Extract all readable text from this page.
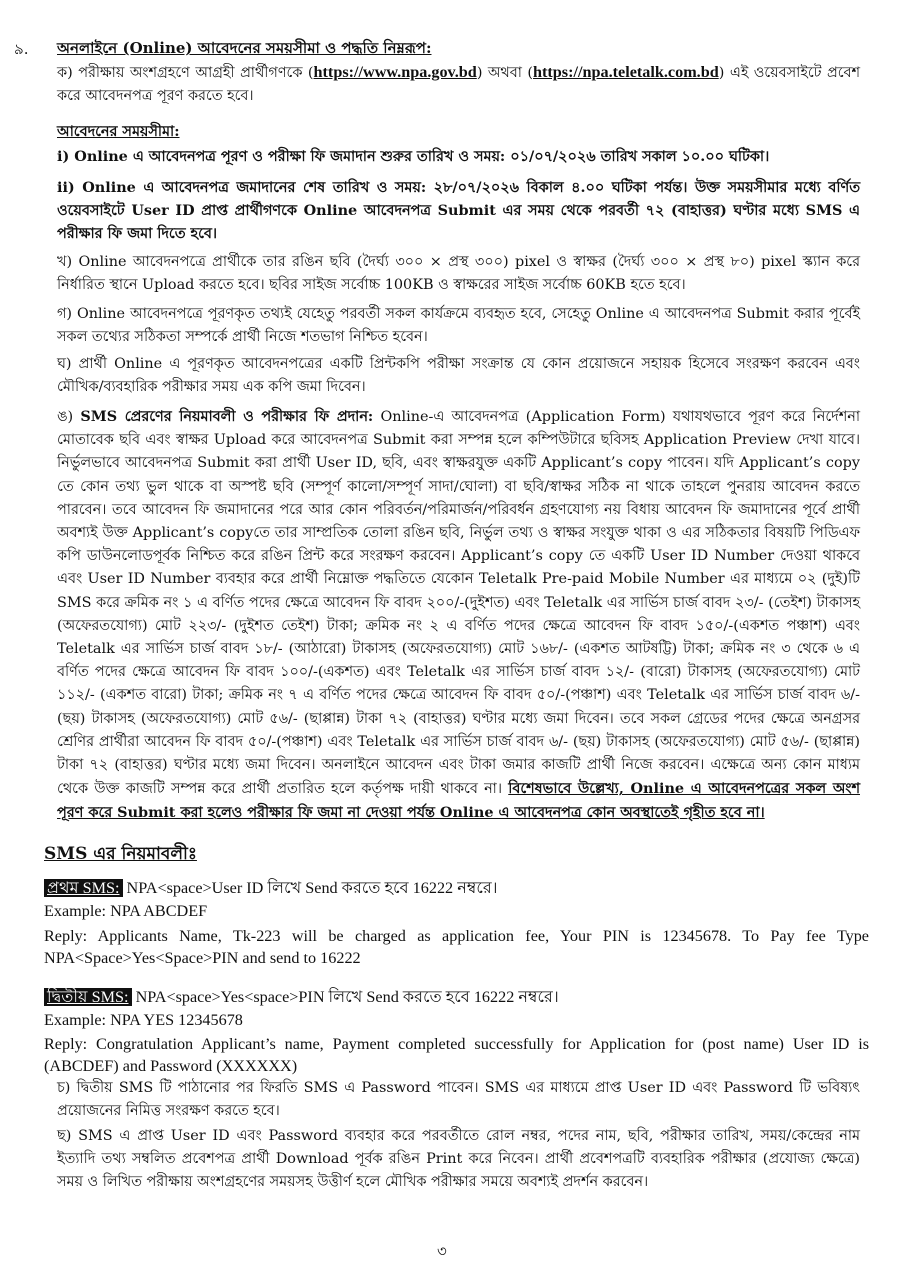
৯. অনলাইনে (Online) আবেদনের সময়সীমা ও পদ্ধতি নিম্নরূপ:
ক) পরীক্ষায় অংশগ্রহণে আগ্রহী প্রার্থীগণকে (https://www.npa.gov.bd) অথবা (https://npa.teletalk.com.bd) এই ওয়েবসাইটে প্রবেশ করে আবেদনপত্র পূরণ করতে হবে।
আবেদনের সময়সীমা:
i) Online এ আবেদনপত্র পূরণ ও পরীক্ষা ফি জমাদান শুরুর তারিখ ও সময়: ০১/০৭/২০২৬ তারিখ সকাল ১০.০০ ঘটিকা।
ii) Online এ আবেদনপত্র জমাদানের শেষ তারিখ ও সময়: ২৮/০৭/২০২৬ বিকাল ৪.০০ ঘটিকা পর্যন্ত। উক্ত সময়সীমার মধ্যে বর্ণিত ওয়েবসাইটে User ID প্রাপ্ত প্রার্থীগণকে Online আবেদনপত্র Submit এর সময় থেকে পরবর্তী ৭২ (বাহাত্তর) ঘণ্টার মধ্যে SMS এ পরীক্ষার ফি জমা দিতে হবে।
খ) Online আবেদনপত্রে প্রার্থীকে তার রঙিন ছবি (দৈর্ঘ্য ৩০০ × প্রস্থ ৩০০) pixel ও স্বাক্ষর (দৈর্ঘ্য ৩০০ × প্রস্থ ৮০) pixel স্ক্যান করে নির্ধারিত স্থানে Upload করতে হবে। ছবির সাইজ সর্বোচ্চ 100KB ও স্বাক্ষরের সাইজ সর্বোচ্চ 60KB হতে হবে।
গ) Online আবেদনপত্রে পূরণকৃত তথ্যই যেহেতু পরবর্তী সকল কার্যক্রমে ব্যবহৃত হবে, সেহেতু Online এ আবেদনপত্র Submit করার পূর্বেই সকল তথ্যের সঠিকতা সম্পর্কে প্রার্থী নিজে শতভাগ নিশ্চিত হবেন।
ঘ) প্রার্থী Online এ পূরণকৃত আবেদনপত্রের একটি প্রিন্টকপি পরীক্ষা সংক্রান্ত যে কোন প্রয়োজনে সহায়ক হিসেবে সংরক্ষণ করবেন এবং মৌখিক/ব্যবহারিক পরীক্ষার সময় এক কপি জমা দিবেন।
ঙ) SMS প্রেরণের নিয়মাবলী ও পরীক্ষার ফি প্রদান: Online-এ আবেদনপত্র (Application Form) যথাযথভাবে পূরণ করে নির্দেশনা মোতাবেক ছবি এবং স্বাক্ষর Upload করে আবেদনপত্র Submit করা সম্পন্ন হলে কম্পিউটারে ছবিসহ Application Preview দেখা যাবে। নির্ভুলভাবে আবেদনপত্র Submit করা প্রার্থী User ID, ছবি, এবং স্বাক্ষরযুক্ত একটি Applicant’s copy পাবেন। যদি Applicant’s copy তে কোন তথ্য ভুল থাকে বা অস্পষ্ট ছবি (সম্পূর্ণ কালো/সম্পূর্ণ সাদা/ঘোলা) বা ছবি/স্বাক্ষর সঠিক না থাকে তাহলে পুনরায় আবেদন করতে পারবেন। তবে আবেদন ফি জমাদানের পরে আর কোন পরিবর্তন/পরিমার্জন/পরিবর্ধন গ্রহণযোগ্য নয় বিধায় আবেদন ফি জমাদানের পূর্বে প্রার্থী অবশ্যই উক্ত Applicant’s copyতে তার সাম্প্রতিক তোলা রঙিন ছবি, নির্ভুল তথ্য ও স্বাক্ষর সংযুক্ত থাকা ও এর সঠিকতার বিষয়টি পিডিএফ কপি ডাউনলোডপূর্বক নিশ্চিত করে রঙিন প্রিন্ট করে সংরক্ষণ করবেন। Applicant’s copy তে একটি User ID Number দেওয়া থাকবে এবং User ID Number ব্যবহার করে প্রার্থী নিম্নোক্ত পদ্ধতিতে যেকোন Teletalk Pre-paid Mobile Number এর মাধ্যমে ০২ (দুই)টি SMS করে ক্রমিক নং ১ এ বর্ণিত পদের ক্ষেত্রে আবেদন ফি বাবদ ২০০/-(দুইশত) এবং Teletalk এর সার্ভিস চার্জ বাবদ ২৩/- (তেইশ) টাকাসহ (অফেরতযোগ্য) মোট ২২৩/- (দুইশত তেইশ) টাকা; ক্রমিক নং ২ এ বর্ণিত পদের ক্ষেত্রে আবেদন ফি বাবদ ১৫০/-(একশত পঞ্চাশ) এবং Teletalk এর সার্ভিস চার্জ বাবদ ১৮/- (আঠারো) টাকাসহ (অফেরতযোগ্য) মোট ১৬৮/- (একশত আটষট্টি) টাকা; ক্রমিক নং ৩ থেকে ৬ এ বর্ণিত পদের ক্ষেত্রে আবেদন ফি বাবদ ১০০/-(একশত) এবং Teletalk এর সার্ভিস চার্জ বাবদ ১২/- (বারো) টাকাসহ (অফেরতযোগ্য) মোট ১১২/- (একশত বারো) টাকা; ক্রমিক নং ৭ এ বর্ণিত পদের ক্ষেত্রে আবেদন ফি বাবদ ৫০/-(পঞ্চাশ) এবং Teletalk এর সার্ভিস চার্জ বাবদ ৬/- (ছয়) টাকাসহ (অফেরতযোগ্য) মোট ৫৬/- (ছাপ্পান্ন) টাকা ৭২ (বাহাত্তর) ঘণ্টার মধ্যে জমা দিবেন। তবে সকল গ্রেডের পদের ক্ষেত্রে অনগ্রসর শ্রেণির প্রার্থীরা আবেদন ফি বাবদ ৫০/-(পঞ্চাশ) এবং Teletalk এর সার্ভিস চার্জ বাবদ ৬/- (ছয়) টাকাসহ (অফেরতযোগ্য) মোট ৫৬/- (ছাপ্পান্ন) টাকা ৭২ (বাহাত্তর) ঘণ্টার মধ্যে জমা দিবেন। অনলাইনে আবেদন এবং টাকা জমার কাজটি প্রার্থী নিজে করবেন। এক্ষেত্রে অন্য কোন মাধ্যম থেকে উক্ত কাজটি সম্পন্ন করে প্রার্থী প্রতারিত হলে কর্তৃপক্ষ দায়ী থাকবে না। বিশেষভাবে উল্লেখ্য, Online এ আবেদনপত্রের সকল অংশ পূরণ করে Submit করা হলেও পরীক্ষার ফি জমা না দেওয়া পর্যন্ত Online এ আবেদনপত্র কোন অবস্থাতেই গৃহীত হবে না।
SMS এর নিয়মাবলীঃ
প্রথম SMS: NPA<space>User ID লিখে Send করতে হবে 16222 নম্বরে।
Example: NPA ABCDEF
Reply: Applicants Name, Tk-223 will be charged as application fee, Your PIN is 12345678. To Pay fee Type NPA<Space>Yes<Space>PIN and send to 16222
দ্বিতীয় SMS: NPA<space>Yes<space>PIN লিখে Send করতে হবে 16222 নম্বরে।
Example: NPA YES 12345678
Reply: Congratulation Applicant’s name, Payment completed successfully for Application for (post name) User ID is (ABCDEF) and Password (XXXXXX)
চ) দ্বিতীয় SMS টি পাঠানোর পর ফিরতি SMS এ Password পাবেন। SMS এর মাধ্যমে প্রাপ্ত User ID এবং Password টি ভবিষ্যৎ প্রয়োজনের নিমিত্ত সংরক্ষণ করতে হবে।
ছ) SMS এ প্রাপ্ত User ID এবং Password ব্যবহার করে পরবর্তীতে রোল নম্বর, পদের নাম, ছবি, পরীক্ষার তারিখ, সময়/কেন্দ্রের নাম ইত্যাদি তথ্য সম্বলিত প্রবেশপত্র প্রার্থী Download পূর্বক রঙিন Print করে নিবেন। প্রার্থী প্রবেশপত্রটি ব্যবহারিক পরীক্ষার (প্রযোজ্য ক্ষেত্রে) সময় ও লিখিত পরীক্ষায় অংশগ্রহণের সময়সহ উত্তীর্ণ হলে মৌখিক পরীক্ষার সময়ে অবশ্যই প্রদর্শন করবেন।
৩
